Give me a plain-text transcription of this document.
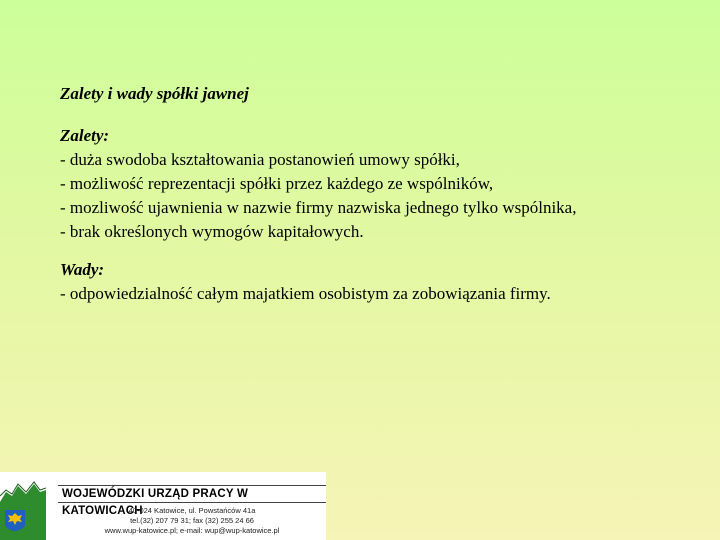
Zalety i wady spółki jawnej
Zalety:
- duża swodoba kształtowania postanowień umowy spółki,
- możliwość reprezentacji spółki przez każdego ze wspólników,
- mozliwość ujawnienia w nazwie firmy nazwiska jednego tylko wspólnika,
- brak określonych wymogów kapitałowych.
Wady:
- odpowiedzialność całym majatkiem osobistym za zobowiązania firmy.
WOJEWÓDZKI URZĄD PRACY W KATOWICACH
40-024 Katowice, ul. Powstańców 41a
tel.(32) 207 79 31; fax (32) 255 24 66
www.wup-katowice.pl; e-mail: wup@wup-katowice.pl
